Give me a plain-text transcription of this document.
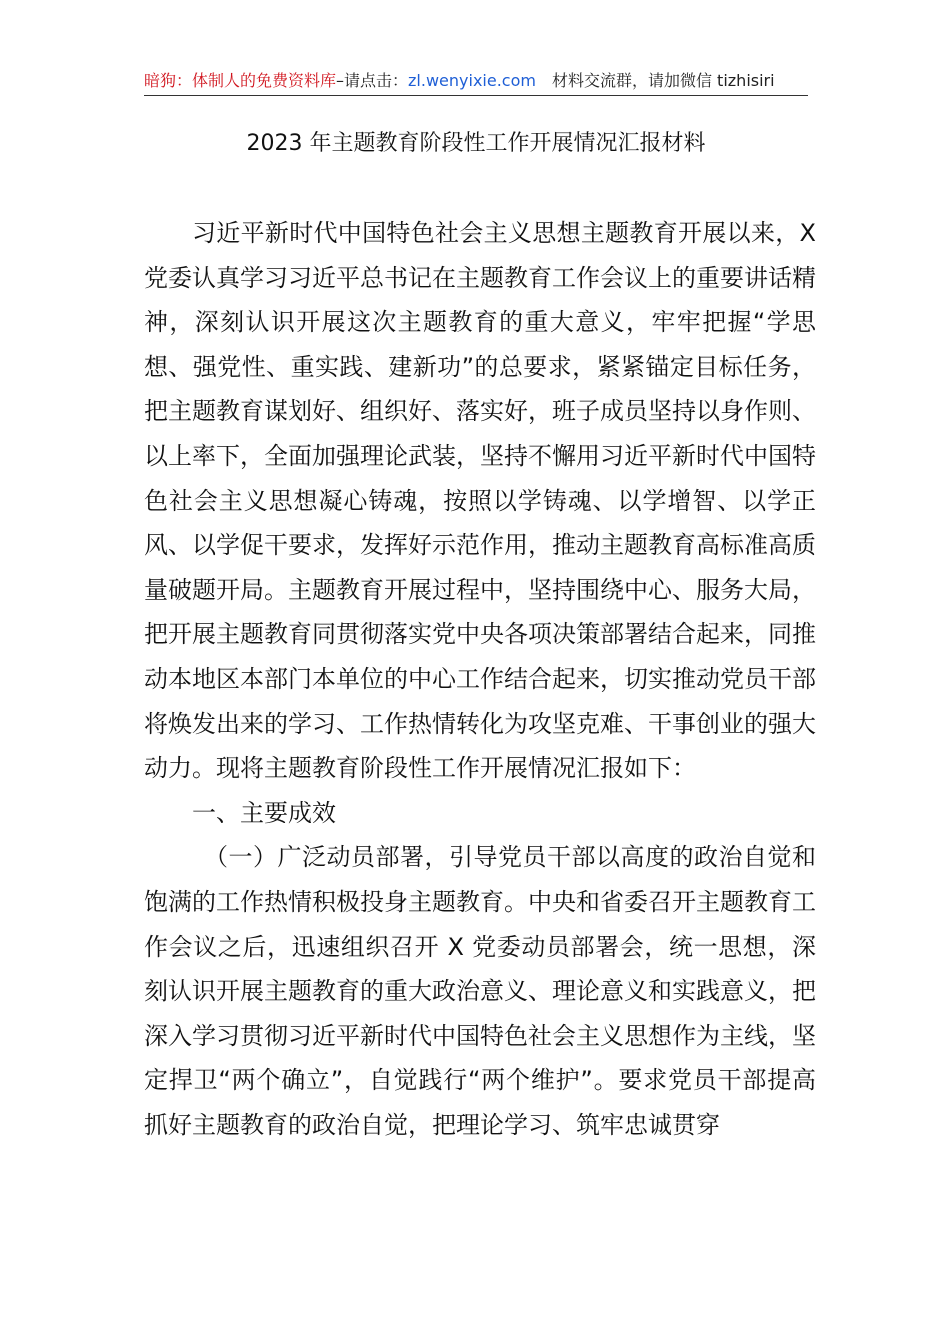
暗狗：体制人的免费资料库–请点击：zl.wenyixie.com 材料交流群，请加微信 tizhisiri
2023 年主题教育阶段性工作开展情况汇报材料

习近平新时代中国特色社会主义思想主题教育开展以来，X党委认真学习习近平总书记在主题教育工作会议上的重要讲话精神，深刻认识开展这次主题教育的重大意义，牢牢把握“学思想、强党性、重实践、建新功”的总要求，紧紧锚定目标任务，把主题教育谋划好、组织好、落实好，班子成员坚持以身作则、以上率下，全面加强理论武装，坚持不懈用习近平新时代中国特色社会主义思想凝心铸魂，按照以学铸魂、以学增智、以学正风、以学促干要求，发挥好示范作用，推动主题教育高标准高质量破题开局。主题教育开展过程中，坚持围绕中心、服务大局，把开展主题教育同贯彻落实党中央各项决策部署结合起来，同推动本地区本部门本单位的中心工作结合起来，切实推动党员干部将焕发出来的学习、工作热情转化为攻坚克难、干事创业的强大动力。现将主题教育阶段性工作开展情况汇报如下：

一、主要成效

（一）广泛动员部署，引导党员干部以高度的政治自觉和饱满的工作热情积极投身主题教育。中央和省委召开主题教育工作会议之后，迅速组织召开 X 党委动员部署会，统一思想，深刻认识开展主题教育的重大政治意义、理论意义和实践意义，把深入学习贯彻习近平新时代中国特色社会主义思想作为主线，坚定捍卫“两个确立”，自觉践行“两个维护”。要求党员干部提高抓好主题教育的政治自觉，把理论学习、筑牢忠诚贯穿
